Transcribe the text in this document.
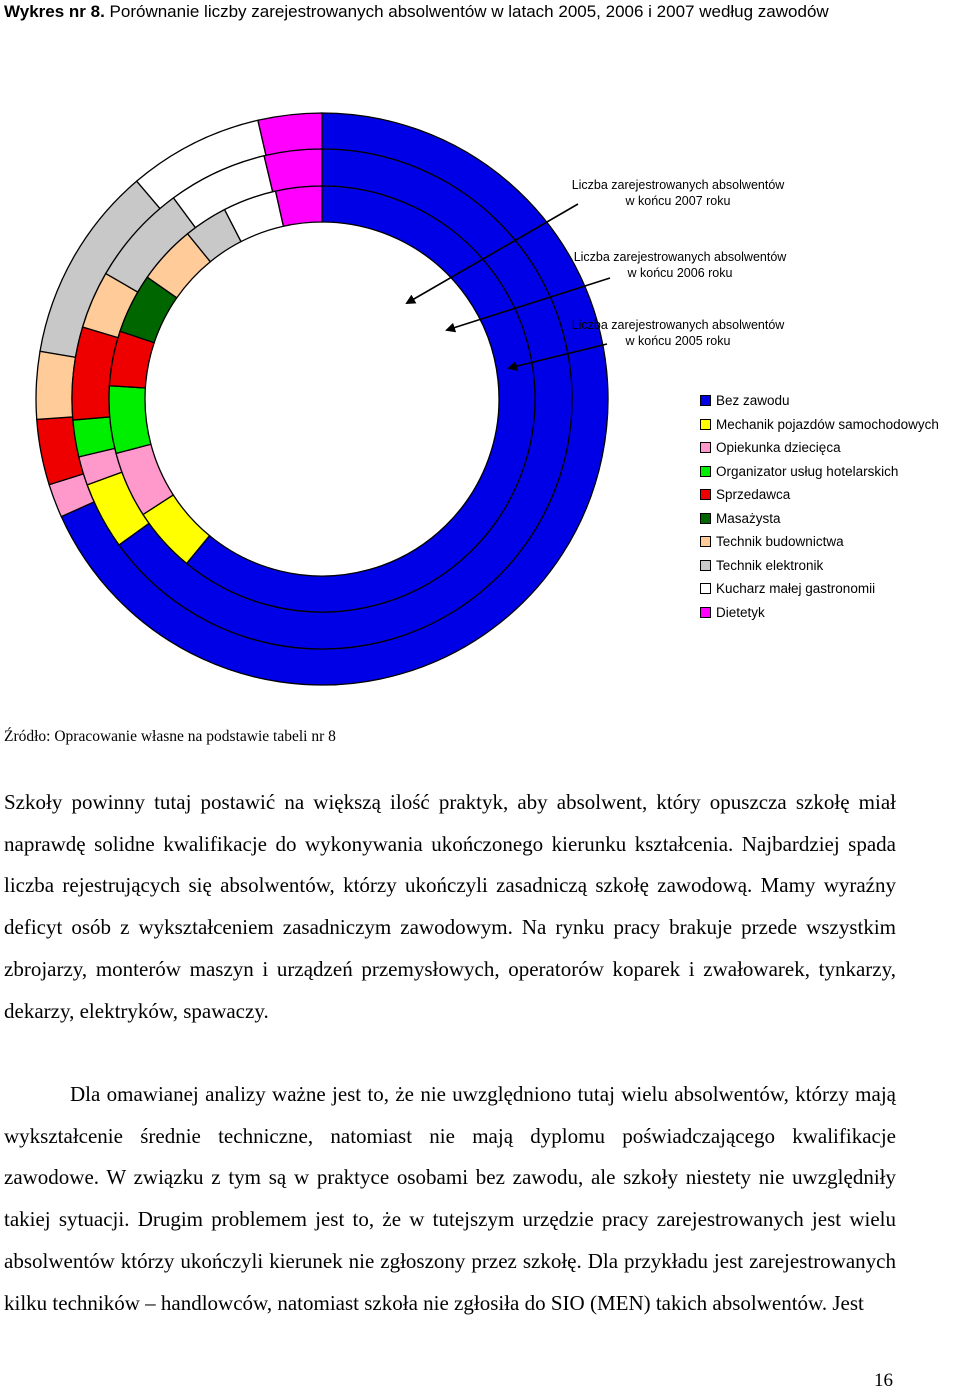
Wykres nr 8. Porównanie liczby zarejestrowanych absolwentów w latach 2005, 2006 i 2007 według zawodów
Liczba zarejestrowanych absolwentów w końcu 2007 roku
Liczba zarejestrowanych absolwentów w końcu 2006 roku
Liczba zarejestrowanych absolwentów w końcu 2005 roku
Bez zawodu
Mechanik pojazdów samochodowych
Opiekunka dziecięca
Organizator usług hotelarskich
Sprzedawca
Masażysta
Technik budownictwa
Technik elektronik
Kucharz małej gastronomii
Dietetyk
Źródło: Opracowanie własne na podstawie tabeli nr 8

Szkoły powinny tutaj postawić na większą ilość praktyk, aby absolwent, który opuszcza szkołę miał naprawdę solidne kwalifikacje do wykonywania ukończonego kierunku kształcenia. Najbardziej spada liczba rejestrujących się absolwentów, którzy ukończyli zasadniczą szkołę zawodową. Mamy wyraźny deficyt osób z wykształceniem zasadniczym zawodowym. Na rynku pracy brakuje przede wszystkim zbrojarzy, monterów maszyn i urządzeń przemysłowych, operatorów koparek i zwałowarek, tynkarzy, dekarzy, elektryków, spawaczy.

Dla omawianej analizy ważne jest to, że nie uwzględniono tutaj wielu absolwentów, którzy mają wykształcenie średnie techniczne, natomiast nie mają dyplomu poświadczającego kwalifikacje zawodowe. W związku z tym są w praktyce osobami bez zawodu, ale szkoły niestety nie uwzględniły takiej sytuacji. Drugim problemem jest to, że w tutejszym urzędzie pracy zarejestrowanych jest wielu absolwentów którzy ukończyli kierunek nie zgłoszony przez szkołę. Dla przykładu jest zarejestrowanych kilku techników – handlowców, natomiast szkoła nie zgłosiła do SIO (MEN) takich absolwentów. Jest

16
